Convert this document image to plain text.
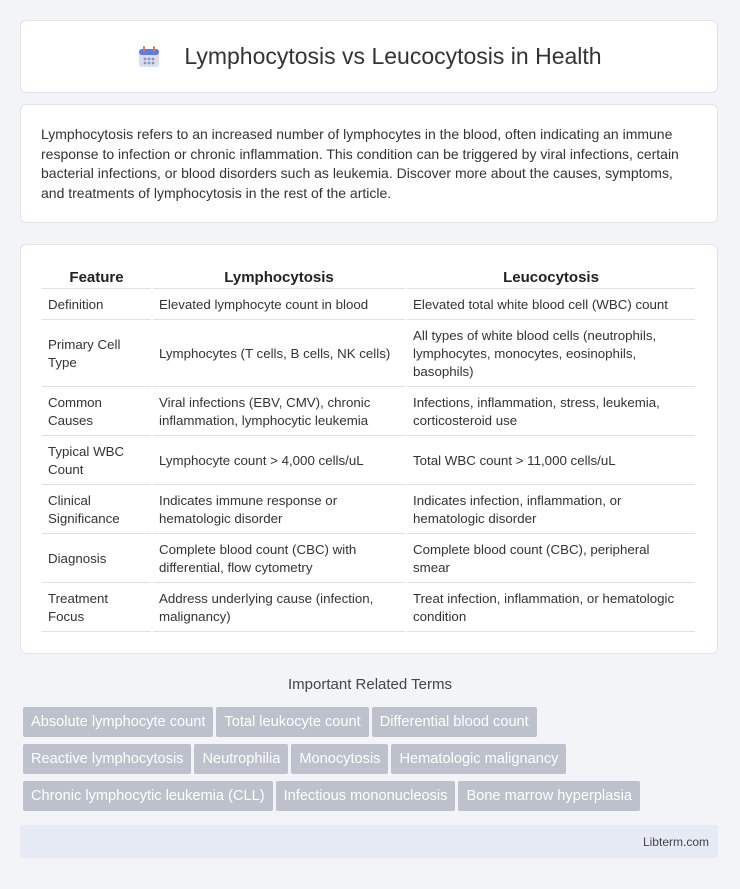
Lymphocytosis vs Leucocytosis in Health

Lymphocytosis refers to an increased number of lymphocytes in the blood, often indicating an immune response to infection or chronic inflammation. This condition can be triggered by viral infections, certain bacterial infections, or blood disorders such as leukemia. Discover more about the causes, symptoms, and treatments of lymphocytosis in the rest of the article.

Feature	Lymphocytosis	Leucocytosis
Definition	Elevated lymphocyte count in blood	Elevated total white blood cell (WBC) count
Primary Cell Type	Lymphocytes (T cells, B cells, NK cells)	All types of white blood cells (neutrophils, lymphocytes, monocytes, eosinophils, basophils)
Common Causes	Viral infections (EBV, CMV), chronic inflammation, lymphocytic leukemia	Infections, inflammation, stress, leukemia, corticosteroid use
Typical WBC Count	Lymphocyte count > 4,000 cells/uL	Total WBC count > 11,000 cells/uL
Clinical Significance	Indicates immune response or hematologic disorder	Indicates infection, inflammation, or hematologic disorder
Diagnosis	Complete blood count (CBC) with differential, flow cytometry	Complete blood count (CBC), peripheral smear
Treatment Focus	Address underlying cause (infection, malignancy)	Treat infection, inflammation, or hematologic condition
Important Related Terms
Absolute lymphocyte count Total leukocyte count Differential blood count
Reactive lymphocytosis Neutrophilia Monocytosis Hematologic malignancy
Chronic lymphocytic leukemia (CLL) Infectious mononucleosis Bone marrow hyperplasia
Libterm.com
